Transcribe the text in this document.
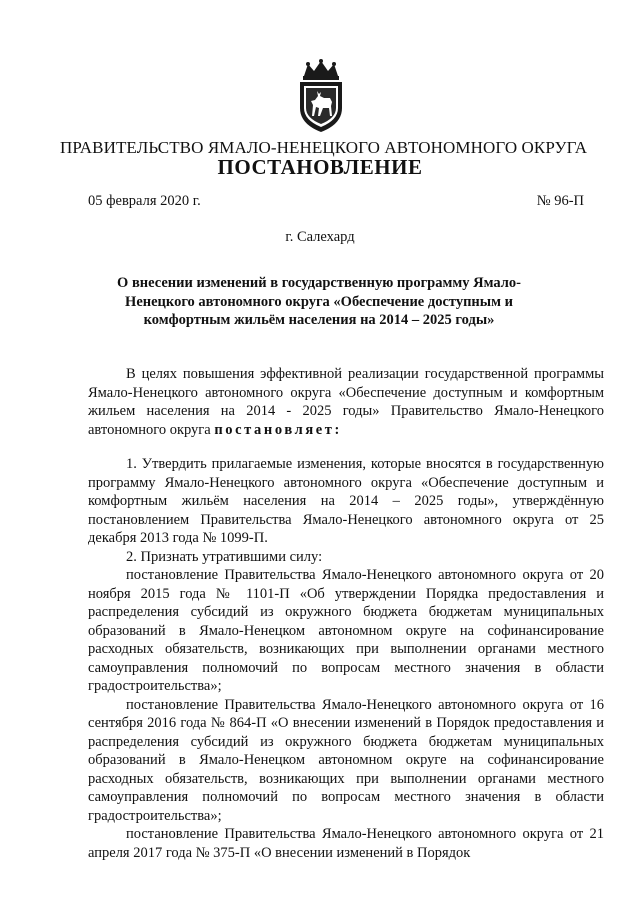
ПРАВИТЕЛЬСТВО ЯМАЛО-НЕНЕЦКОГО АВТОНОМНОГО ОКРУГА
ПОСТАНОВЛЕНИЕ
05 февраля 2020 г.	№ 96-П
г. Салехард
О внесении изменений в государственную программу Ямало-Ненецкого автономного округа «Обеспечение доступным и комфортным жильём населения на 2014 – 2025 годы»

В целях повышения эффективной реализации государственной программы Ямало-Ненецкого автономного округа «Обеспечение доступным и комфортным жильем населения на 2014 - 2025 годы» Правительство Ямало-Ненецкого автономного округа постановляет:

1. Утвердить прилагаемые изменения, которые вносятся в государственную программу Ямало-Ненецкого автономного округа «Обеспечение доступным и комфортным жильём населения на 2014 – 2025 годы», утверждённую постановлением Правительства Ямало-Ненецкого автономного округа от 25 декабря 2013 года № 1099-П.

2. Признать утратившими силу:

постановление Правительства Ямало-Ненецкого автономного округа от 20 ноября 2015 года № 1101-П «Об утверждении Порядка предоставления и распределения субсидий из окружного бюджета бюджетам муниципальных образований в Ямало-Ненецком автономном округе на софинансирование расходных обязательств, возникающих при выполнении органами местного самоуправления полномочий по вопросам местного значения в области градостроительства»;

постановление Правительства Ямало-Ненецкого автономного округа от 16 сентября 2016 года № 864-П «О внесении изменений в Порядок предоставления и распределения субсидий из окружного бюджета бюджетам муниципальных образований в Ямало-Ненецком автономном округе на софинансирование расходных обязательств, возникающих при выполнении органами местного самоуправления полномочий по вопросам местного значения в области градостроительства»;

постановление Правительства Ямало-Ненецкого автономного округа от 21 апреля 2017 года № 375-П «О внесении изменений в Порядок
